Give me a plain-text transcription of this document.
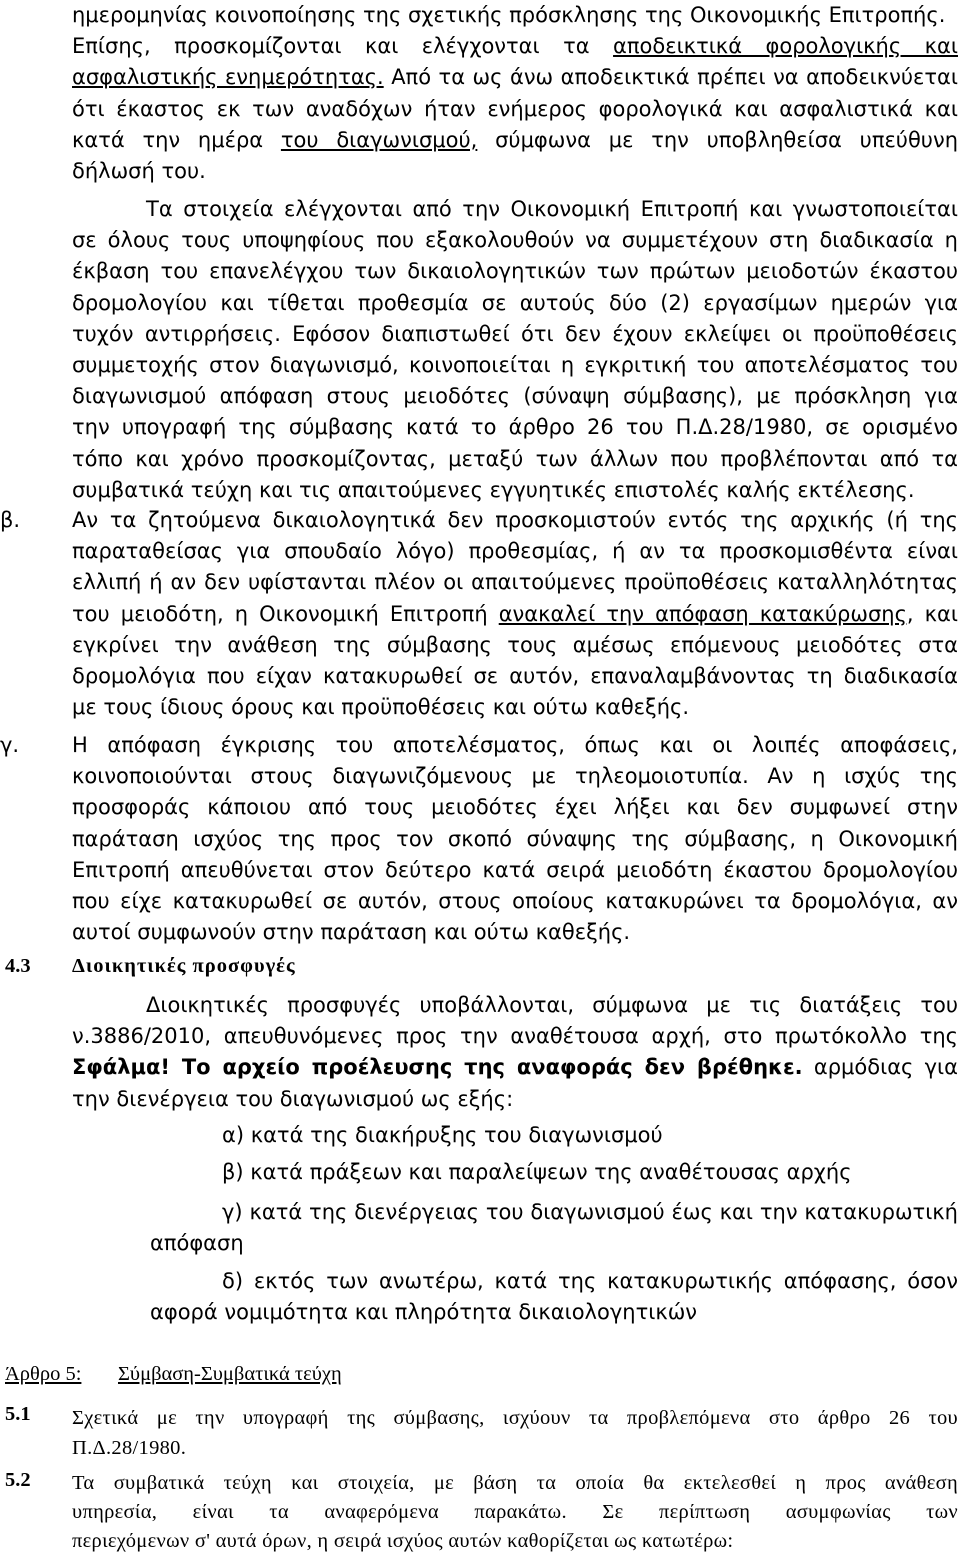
ημερομηνίας κοινοποίησης της σχετικής πρόσκλησης της Οικονομικής Επιτροπής.

Επίσης, προσκομίζονται και ελέγχονται τα αποδεικτικά φορολογικής και

ασφαλιστικής ενημερότητας. Από τα ως άνω αποδεικτικά πρέπει να αποδεικνύεται

ότι έκαστος εκ των αναδόχων ήταν ενήμερος φορολογικά και ασφαλιστικά και

κατά την ημέρα του διαγωνισμού, σύμφωνα με την υποβληθείσα υπεύθυνη

δήλωσή του.

Τα στοιχεία ελέγχονται από την Οικονομική Επιτροπή και γνωστοποιείται

σε όλους τους υποψηφίους που εξακολουθούν να συμμετέχουν στη διαδικασία η

έκβαση του επανελέγχου των δικαιολογητικών των πρώτων μειοδοτών έκαστου

δρομολογίου και τίθεται προθεσμία σε αυτούς δύο (2) εργασίμων ημερών για

τυχόν αντιρρήσεις. Εφόσον διαπιστωθεί ότι δεν έχουν εκλείψει οι προϋποθέσεις

συμμετοχής στον διαγωνισμό, κοινοποιείται η εγκριτική του αποτελέσματος του

διαγωνισμού απόφαση στους μειοδότες (σύναψη σύμβασης), με πρόσκληση για

την υπογραφή της σύμβασης κατά το άρθρο 26 του Π.Δ.28/1980, σε ορισμένο

τόπο και χρόνο προσκομίζοντας, μεταξύ των άλλων που προβλέπονται από τα

συμβατικά τεύχη και τις απαιτούμενες εγγυητικές επιστολές καλής εκτέλεσης.

β. Αν τα ζητούμενα δικαιολογητικά δεν προσκομιστούν εντός της αρχικής (ή της

παραταθείσας για σπουδαίο λόγο) προθεσμίας, ή αν τα προσκομισθέντα είναι

ελλιπή ή αν δεν υφίστανται πλέον οι απαιτούμενες προϋποθέσεις καταλληλότητας

του μειοδότη, η Οικονομική Επιτροπή ανακαλεί την απόφαση κατακύρωσης, και

εγκρίνει την ανάθεση της σύμβασης τους αμέσως επόμενους μειοδότες στα

δρομολόγια που είχαν κατακυρωθεί σε αυτόν, επαναλαμβάνοντας τη διαδικασία

με τους ίδιους όρους και προϋποθέσεις και ούτω καθεξής.

γ.	Η απόφαση έγκρισης του αποτελέσματος, όπως και οι λοιπές αποφάσεις,

κοινοποιούνται στους διαγωνιζόμενους με τηλεομοιοτυπία. Αν η ισχύς της

προσφοράς κάποιου από τους μειοδότες έχει λήξει και δεν συμφωνεί στην

παράταση ισχύος της προς τον σκοπό σύναψης της σύμβασης, η Οικονομική

Επιτροπή απευθύνεται στον δεύτερο κατά σειρά μειοδότη έκαστου δρομολογίου

που είχε κατακυρωθεί σε αυτόν, στους οποίους κατακυρώνει τα δρομολόγια, αν

αυτοί συμφωνούν στην παράταση και ούτω καθεξής.

4.3 Διοικητικές προσφυγές

Διοικητικές προσφυγές υποβάλλονται, σύμφωνα με τις διατάξεις του

ν.3886/2010, απευθυνόμενες προς την αναθέτουσα αρχή, στο πρωτόκολλο της

Σφάλμα! Το αρχείο προέλευσης της αναφοράς δεν βρέθηκε. αρμόδιας για

την διενέργεια του διαγωνισμού ως εξής:

α) κατά της διακήρυξης του διαγωνισμού

β) κατά πράξεων και παραλείψεων της αναθέτουσας αρχής

γ) κατά της διενέργειας του διαγωνισμού έως και την κατακυρωτική

απόφαση

δ) εκτός των ανωτέρω, κατά της κατακυρωτικής απόφασης, όσον

αφορά νομιμότητα και πληρότητα δικαιολογητικών

Άρθρο 5: Σύμβαση-Συμβατικά τεύχη
5.1 Σχετικά με την υπογραφή της σύμβασης, ισχύουν τα προβλεπόμενα στο άρθρο 26 του

Π.Δ.28/1980.

5.2 Τα συμβατικά τεύχη και στοιχεία, με βάση τα οποία θα εκτελεσθεί η προς ανάθεση

υπηρεσία, είναι τα αναφερόμενα παρακάτω. Σε περίπτωση ασυμφωνίας των

περιεχόμενων σ' αυτά όρων, η σειρά ισχύος αυτών καθορίζεται ως κατωτέρω:
